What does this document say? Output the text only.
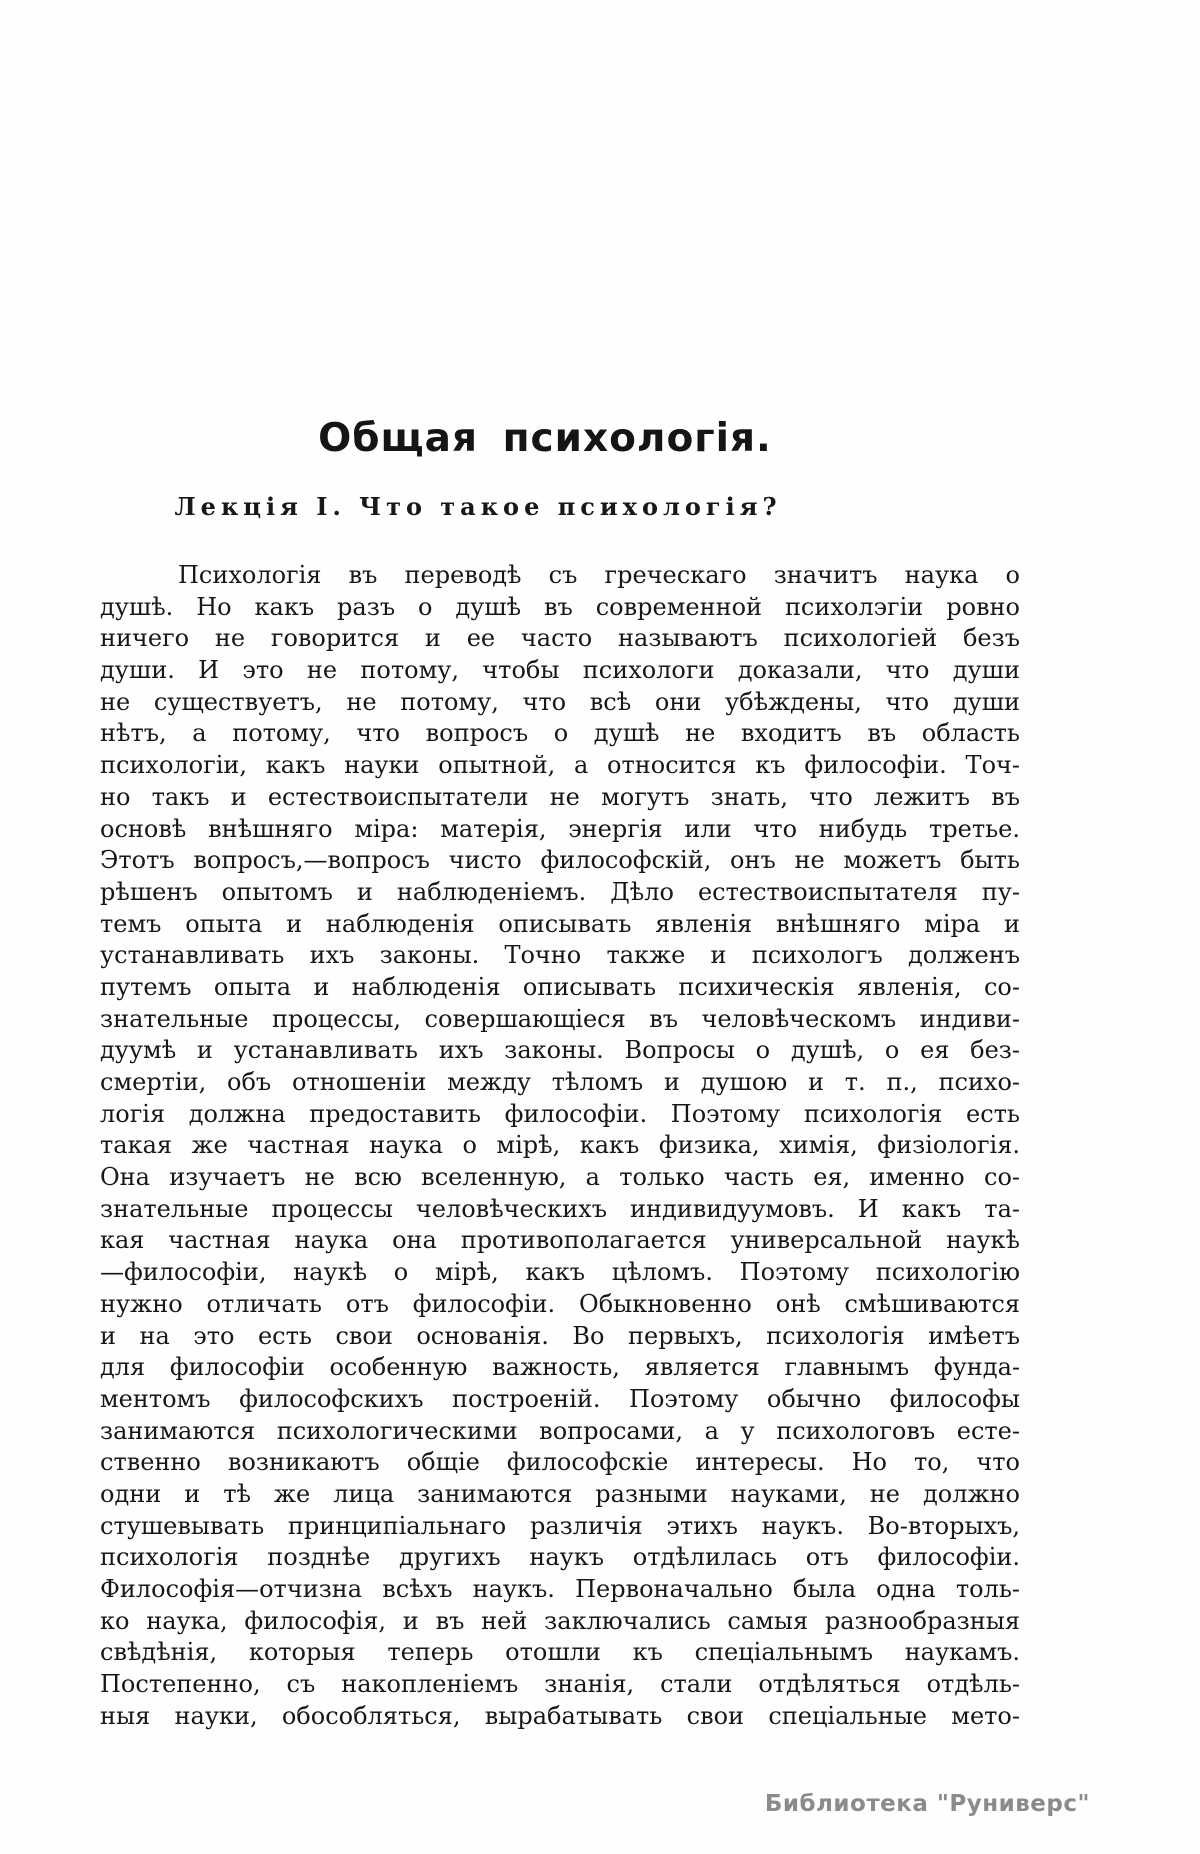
Общая психологія.
Лекція I. Что такое психологія?
Психологія въ переводѣ съ греческаго значитъ наука о
душѣ. Но какъ разъ о душѣ въ современной психолэгіи ровно
ничего не говорится и ее часто называютъ психологіей безъ
души. И это не потому, чтобы психологи доказали, что души
не существуетъ, не потому, что всѣ они убѣждены, что души
нѣтъ, а потому, что вопросъ о душѣ не входитъ въ область
психологіи, какъ науки опытной, а относится къ философіи. Точ-
но такъ и естествоиспытатели не могутъ знать, что лежитъ въ
основѣ внѣшняго міра: матерія, энергія или что нибудь третье.
Этотъ вопросъ,—вопросъ чисто философскій, онъ не можетъ быть
рѣшенъ опытомъ и наблюденіемъ. Дѣло естествоиспытателя пу-
темъ опыта и наблюденія описывать явленія внѣшняго міра и
устанавливать ихъ законы. Точно также и психологъ долженъ
путемъ опыта и наблюденія описывать психическія явленія, со-
знательные процессы, совершающіеся въ человѣческомъ индиви-
дуумѣ и устанавливать ихъ законы. Вопросы о душѣ, о ея без-
смертіи, объ отношеніи между тѣломъ и душою и т. п., психо-
логія должна предоставить философіи. Поэтому психологія есть
такая же частная наука о мірѣ, какъ физика, химія, физіологія.
Она изучаетъ не всю вселенную, а только часть ея, именно со-
знательные процессы человѣческихъ индивидуумовъ. И какъ та-
кая частная наука она противополагается универсальной наукѣ
—философіи, наукѣ о мірѣ, какъ цѣломъ. Поэтому психологію
нужно отличать отъ философіи. Обыкновенно онѣ смѣшиваются
и на это есть свои основанія. Во первыхъ, психологія имѣетъ
для философіи особенную важность, является главнымъ фунда-
ментомъ философскихъ построеній. Поэтому обычно философы
занимаются психологическими вопросами, а у психологовъ есте-
ственно возникаютъ общіе философскіе интересы. Но то, что
одни и тѣ же лица занимаются разными науками, не должно
стушевывать принципіальнаго различія этихъ наукъ. Во-вторыхъ,
психологія позднѣе другихъ наукъ отдѣлилась отъ философіи.
Философія—отчизна всѣхъ наукъ. Первоначально была одна толь-
ко наука, философія, и въ ней заключались самыя разнообразныя
свѣдѣнія, которыя теперь отошли къ спеціальнымъ наукамъ.
Постепенно, съ накопленіемъ знанія, стали отдѣляться отдѣль-
ныя науки, обособляться, вырабатывать свои спеціальные мето-
Библиотека "Руниверс"
